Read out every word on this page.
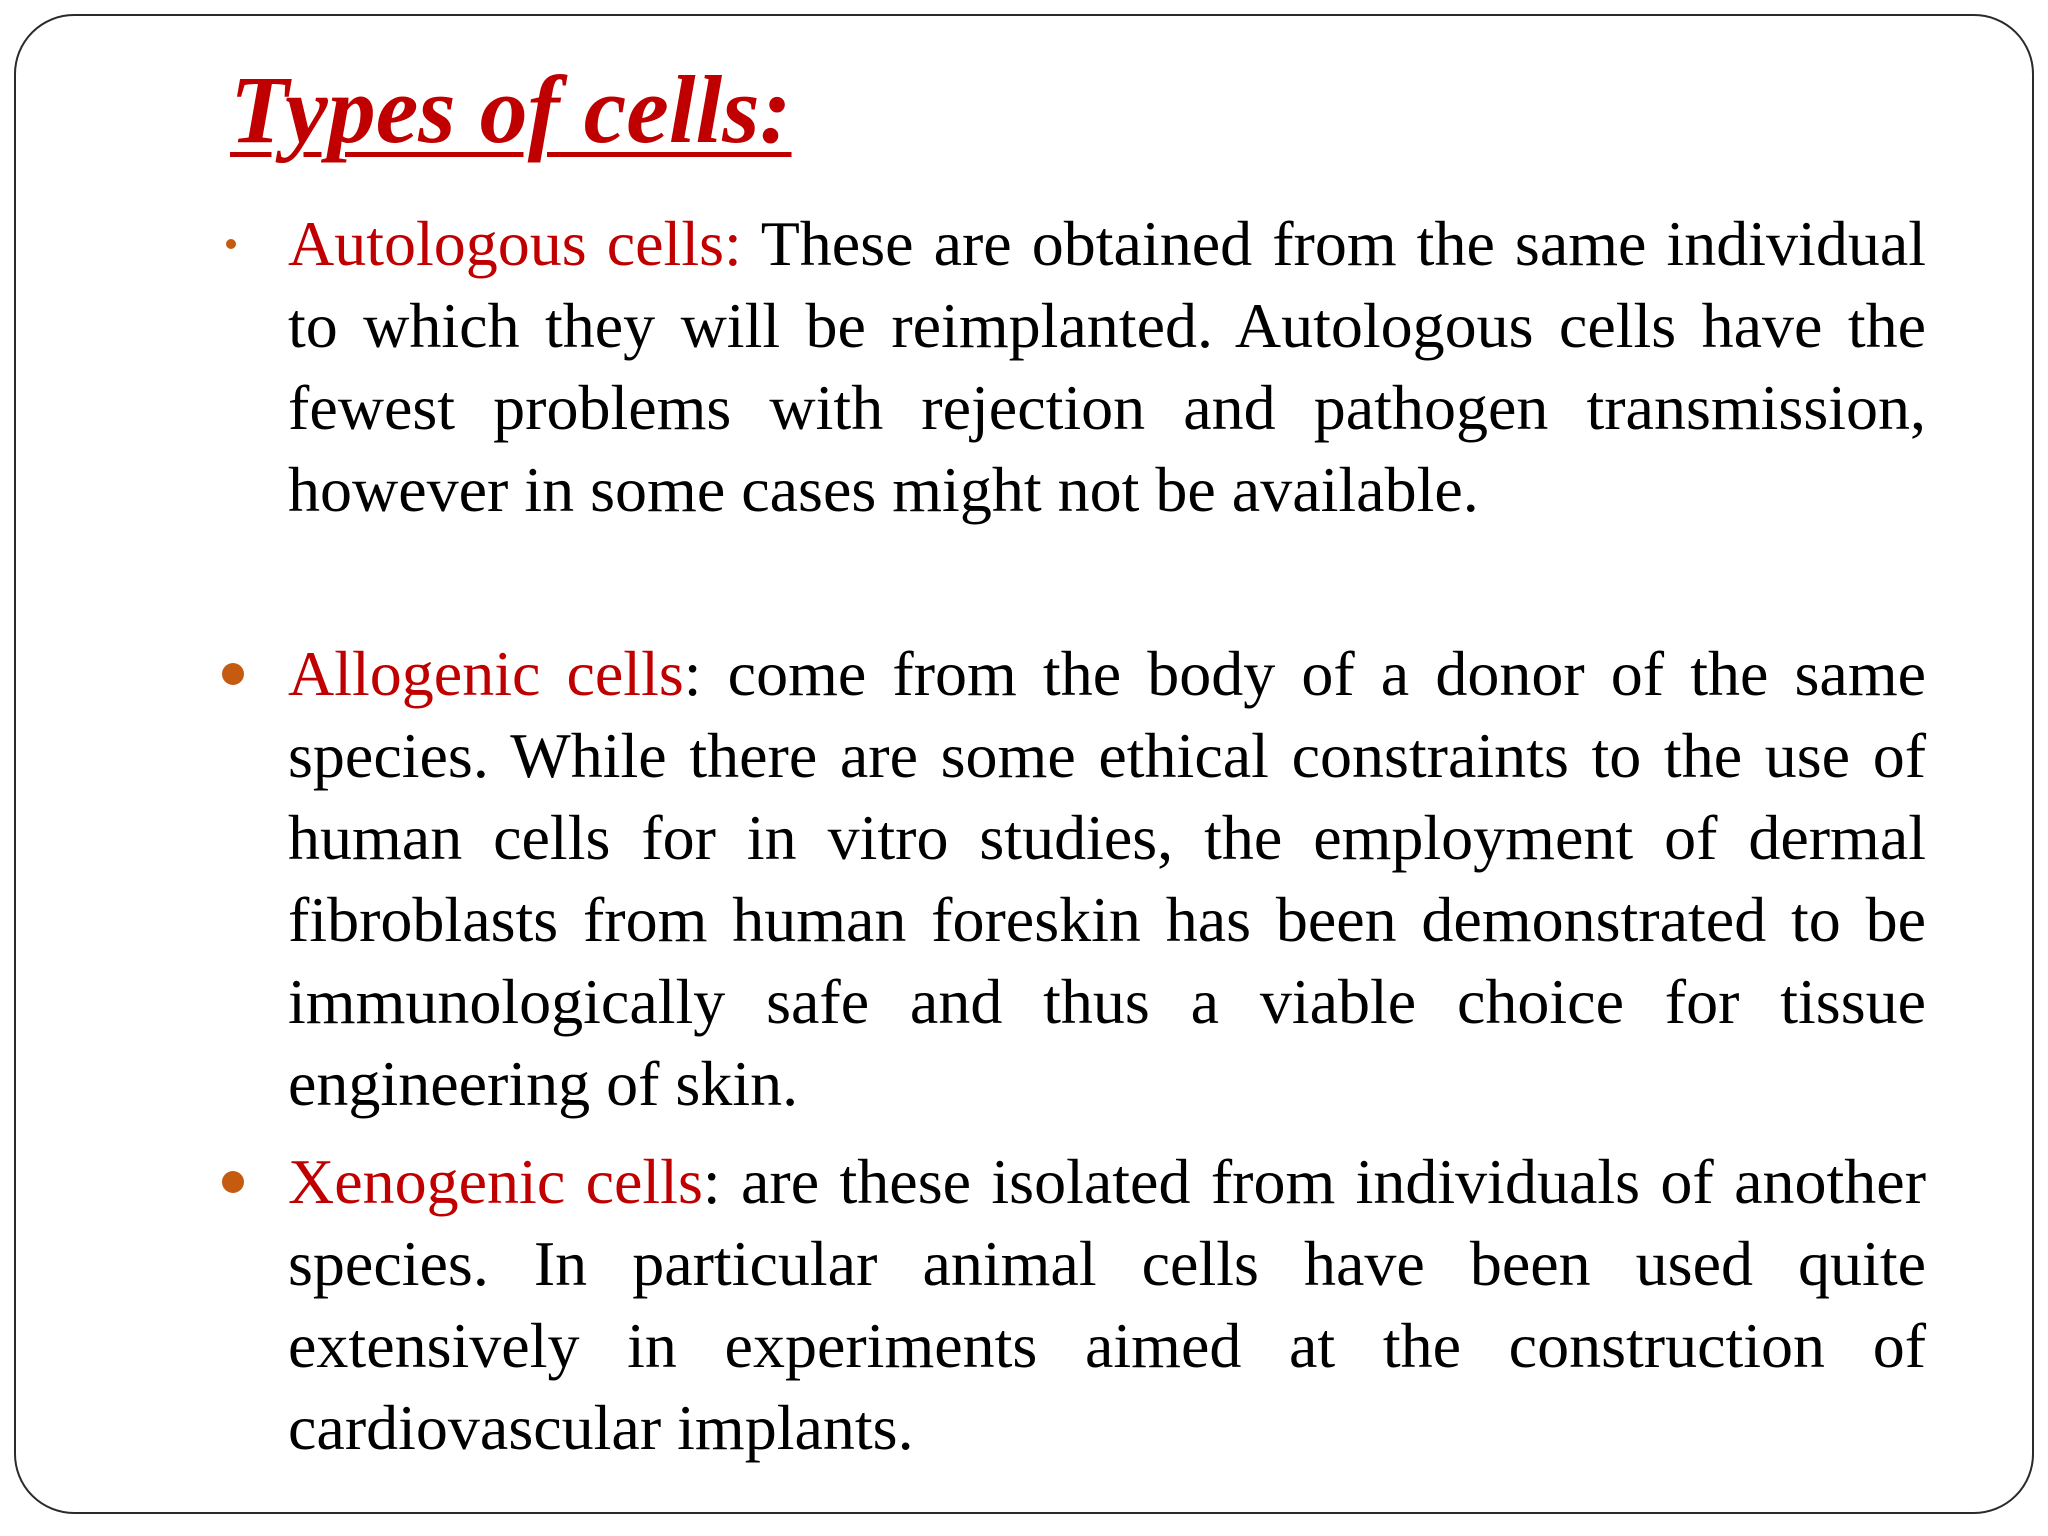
Types of cells:
Autologous cells: These are obtained from the same individual to which they will be reimplanted. Autologous cells have the fewest problems with rejection and pathogen transmission, however in some cases might not be available.
Allogenic cells: come from the body of a donor of the same species. While there are some ethical constraints to the use of human cells for in vitro studies, the employment of dermal fibroblasts from human foreskin has been demonstrated to be immunologically safe and thus a viable choice for tissue engineering of skin.
Xenogenic cells: are these isolated from individuals of another species. In particular animal cells have been used quite extensively in experiments aimed at the construction of cardiovascular implants.
